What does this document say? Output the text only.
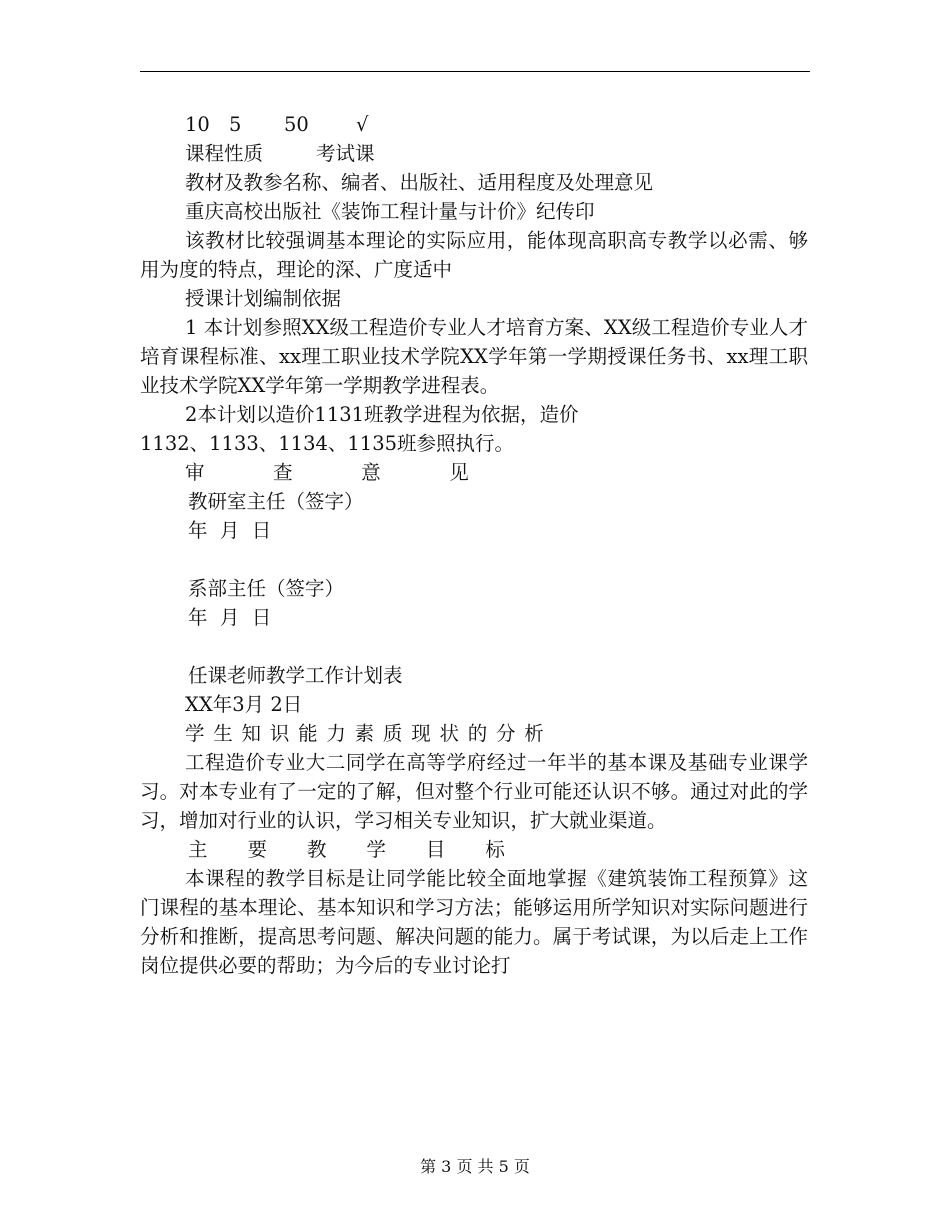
10 5 50 √

课程性质	考试课

教材及教参名称、编者、出版社、适用程度及处理意见

重庆高校出版社《装饰工程计量与计价》纪传印

该教材比较强调基本理论的实际应用，能体现高职高专教学以必需、够用为度的特点，理论的深、广度适中

授课计划编制依据

1 本计划参照XX级工程造价专业人才培育方案、XX级工程造价专业人才培育课程标准、xx理工职业技术学院XX学年第一学期授课任务书、xx理工职业技术学院XX学年第一学期教学进程表。

2本计划以造价1131班教学进程为依据，造价

1132、1133、1134、1135班参照执行。

审 查 意 见

教研室主任（签字）

年  月  日

系部主任（签字）

年  月  日

任课老师教学工作计划表

XX年3月 2日

学生知识能力素质现状的分析

工程造价专业大二同学在高等学府经过一年半的基本课及基础专业课学习。对本专业有了一定的了解，但对整个行业可能还认识不够。通过对此的学习，增加对行业的认识，学习相关专业知识，扩大就业渠道。

主要教学目标

本课程的教学目标是让同学能比较全面地掌握《建筑装饰工程预算》这门课程的基本理论、基本知识和学习方法；能够运用所学知识对实际问题进行分析和推断，提高思考问题、解决问题的能力。属于考试课，为以后走上工作岗位提供必要的帮助；为今后的专业讨论打

第 3 页 共 5 页
